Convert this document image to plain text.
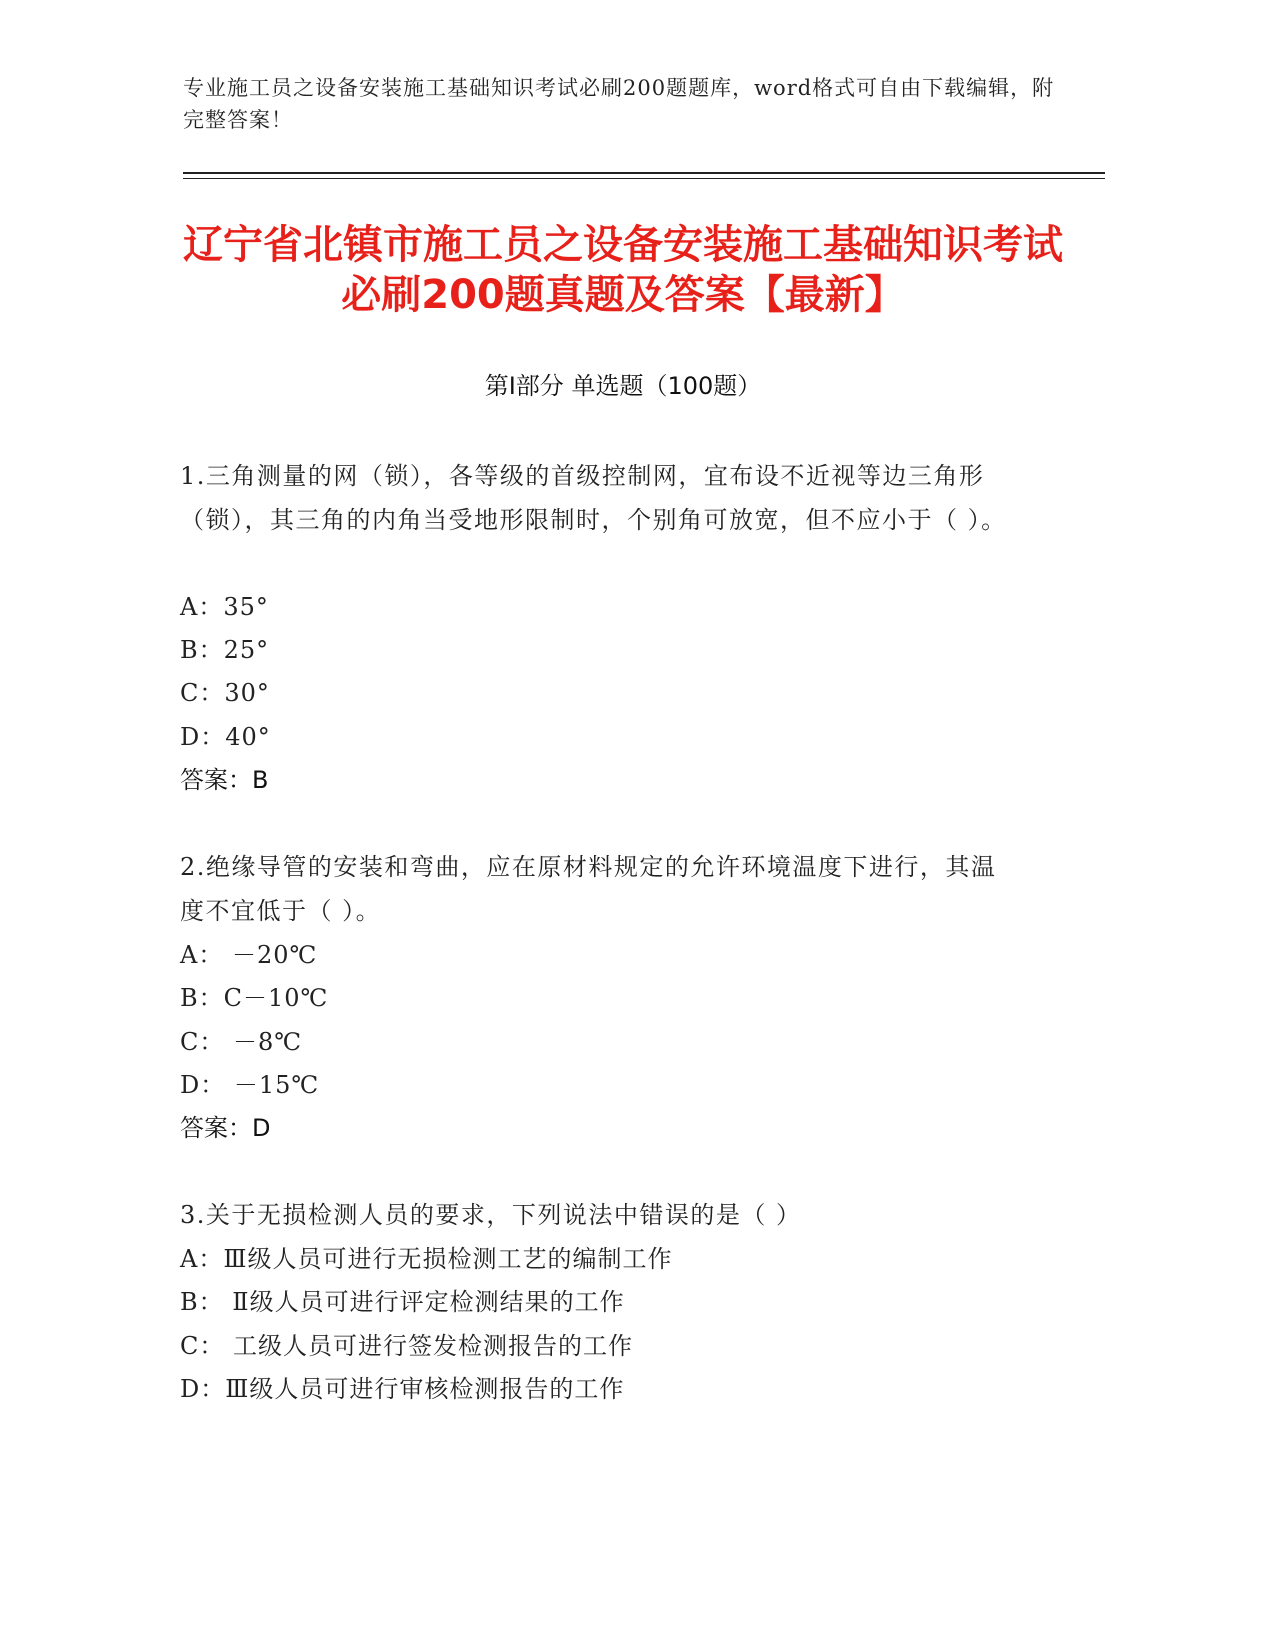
专业施工员之设备安装施工基础知识考试必刷200题题库，word格式可自由下载编辑，附完整答案！
辽宁省北镇市施工员之设备安装施工基础知识考试必刷200题真题及答案【最新】
第I部分 单选题（100题）
1.三角测量的网（锁），各等级的首级控制网，宜布设不近视等边三角形（锁），其三角的内角当受地形限制时，个别角可放宽，但不应小于（ ）。
A：35°
B：25°
C：30°
D：40°
答案：B
2.绝缘导管的安装和弯曲，应在原材料规定的允许环境温度下进行，其温度不宜低于（ ）。
A： －20℃
B：C－10℃
C： －8℃
D： －15℃
答案：D
3.关于无损检测人员的要求，下列说法中错误的是（ ）
A：Ⅲ级人员可进行无损检测工艺的编制工作
B： Ⅱ级人员可进行评定检测结果的工作
C： 工级人员可进行签发检测报告的工作
D：Ⅲ级人员可进行审核检测报告的工作
